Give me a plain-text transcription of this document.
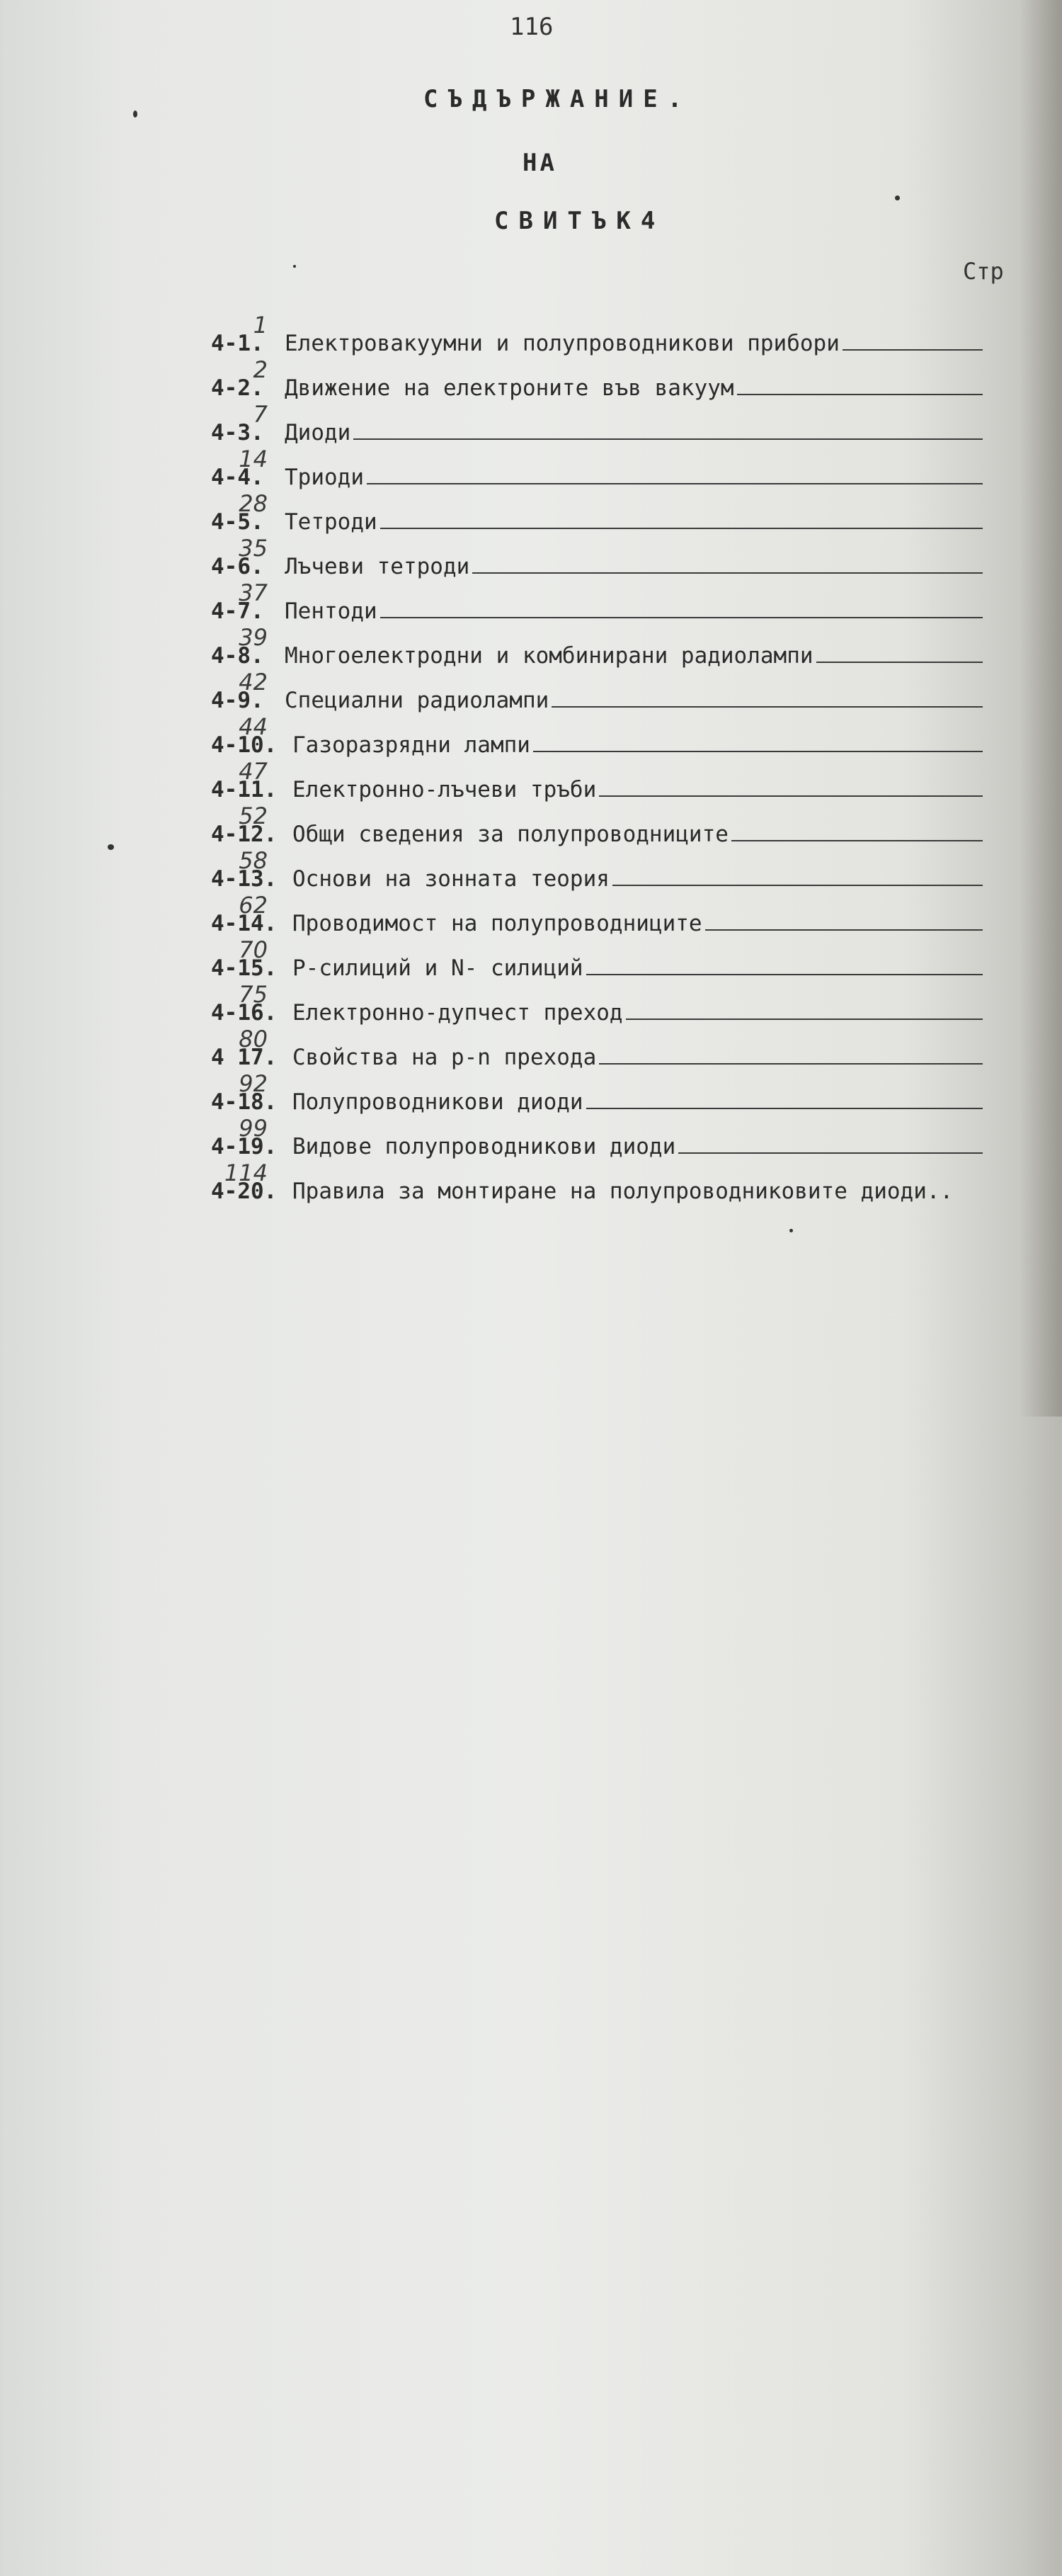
116
СЪДЪРЖАНИЕ.
НА
СВИТЪК4
Стр
4-1. Електровакуумни и полупроводникови прибори
1
4-2. Движение на електроните във вакуум
2
4-3. Диоди
7
4-4. Триоди
14
4-5. Тетроди
28
4-6. Лъчеви тетроди
35
4-7. Пентоди
37
4-8. Многоелектродни и комбинирани радиолампи
39
4-9. Специални радиолампи
42
4-10. Газоразрядни лампи
44
4-11. Електронно-лъчеви тръби
47
4-12. Общи сведения за полупроводниците
52
4-13. Основи на зонната теория
58
4-14. Проводимост на полупроводниците
62
4-15. Р-силиций и N- силиций
70
4-16. Електронно-дупчест преход
75
4 17. Свойства на р-n прехода
80
4-18. Полупроводникови диоди
92
4-19. Видове полупроводникови диоди
99
4-20. Правила за монтиране на полупроводниковите диоди..
114
